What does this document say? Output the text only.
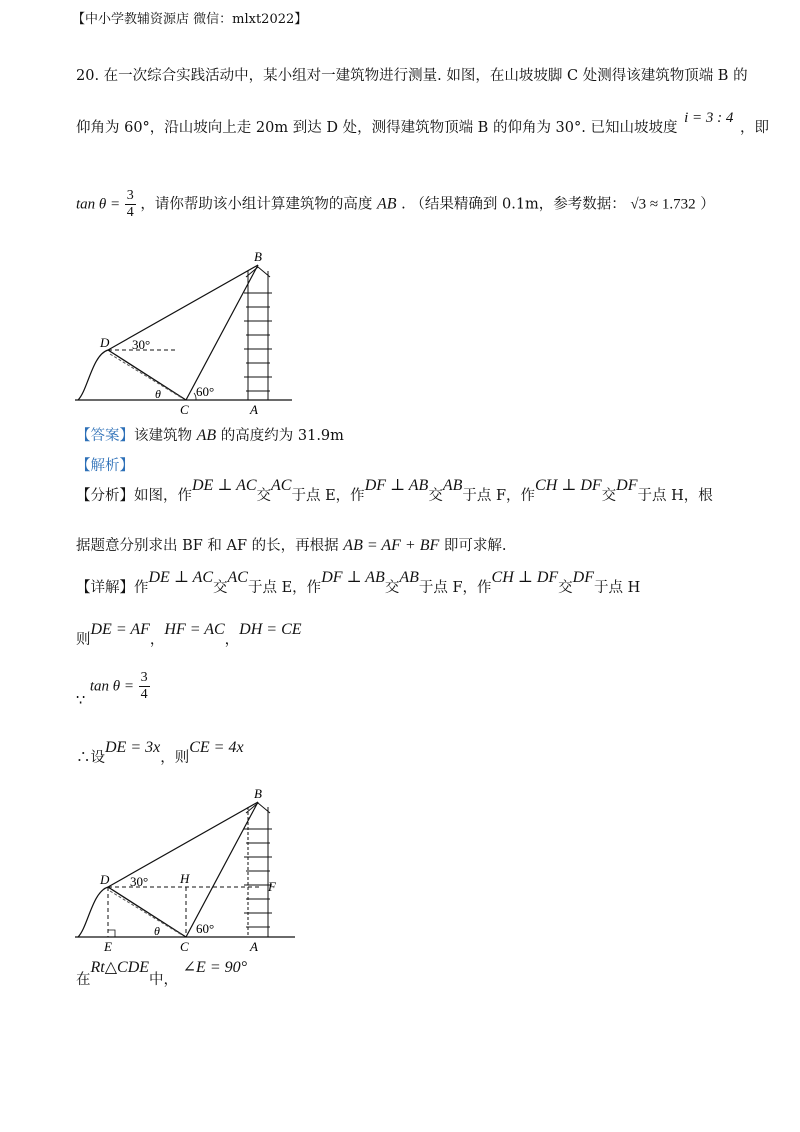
【中小学教辅资源店 微信：mlxt2022】
20. 在一次综合实践活动中，某小组对一建筑物进行测量. 如图，在山坡坡脚 C 处测得该建筑物顶端 B 的
仰角为 60°，沿山坡向上走 20m 到达 D 处，测得建筑物顶端 B 的仰角为 30°. 已知山坡坡度 i = 3 : 4 ，即
$\tan \theta = \frac{3}{4}$ ，请你帮助该小组计算建筑物的高度 AB . （结果精确到 0.1m，参考数据： √3 ≈ 1.732 ）
B
D 30°
θ	60°
C	A
【答案】该建筑物 AB 的高度约为 31.9m
【解析】
【分析】如图，作DE ⊥ AC交AC于点 E，作DF ⊥ AB交AB于点 F，作CH ⊥ DF交DF于点 H，根
据题意分别求出 BF 和 AF 的长，再根据 AB = AF + BF 即可求解.
【详解】作DE ⊥ AC交AC于点 E，作DF ⊥ AB交AB于点 F，作CH ⊥ DF交DF于点 H
则DE = AF，HF = AC，DH = CE
∵ $\tan \theta = \frac{3}{4}$
∴设DE = 3x，则CE = 4x
B
D 30° H
F
θ	60°
E	C	A
在Rt△CDE中， ∠E = 90°
